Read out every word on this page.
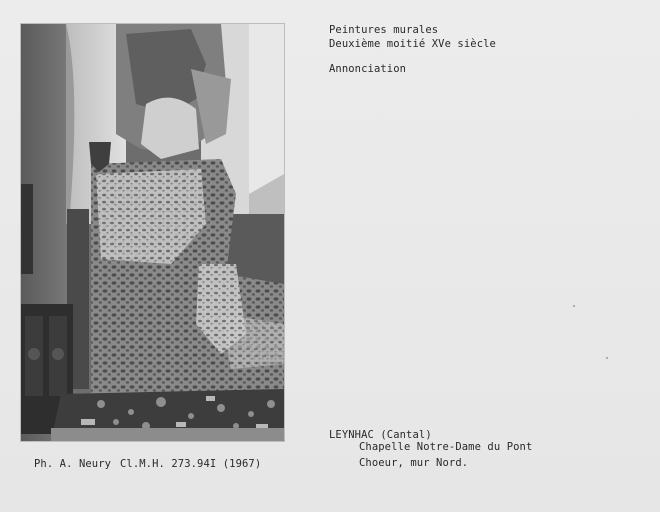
Peintures murales
Deuxième moitié XVe siècle
Annonciation
LEYNHAC (Cantal)
Chapelle Notre-Dame du Pont
Choeur, mur Nord.
Ph. A. Neury Cl.M.H. 273.94I (1967)
